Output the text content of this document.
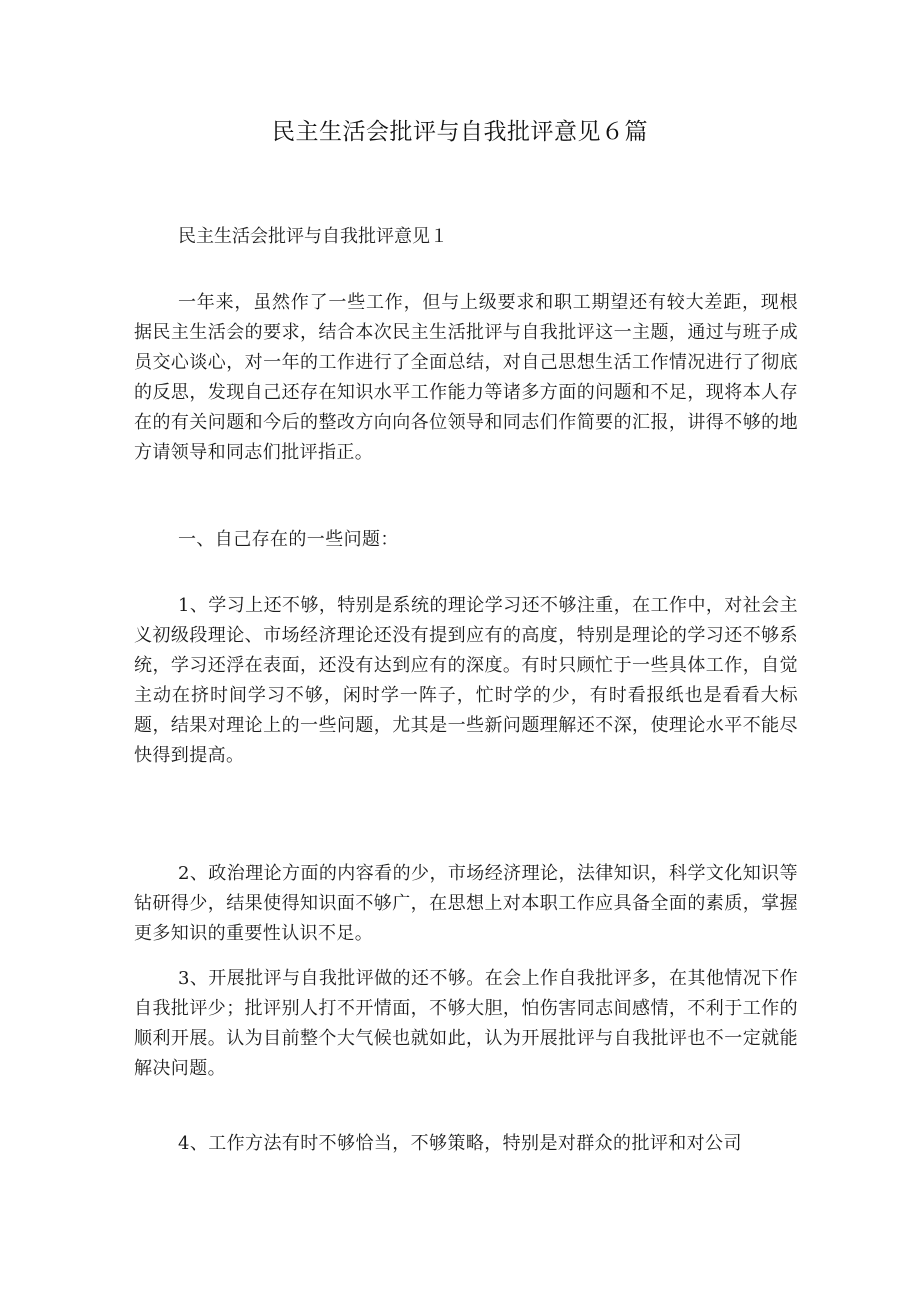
民主生活会批评与自我批评意见６篇

民主生活会批评与自我批评意见１

一年来，虽然作了一些工作，但与上级要求和职工期望还有较大差距，现根据民主生活会的要求，结合本次民主生活批评与自我批评这一主题，通过与班子成员交心谈心，对一年的工作进行了全面总结，对自己思想生活工作情况进行了彻底的反思，发现自己还存在知识水平工作能力等诸多方面的问题和不足，现将本人存在的有关问题和今后的整改方向向各位领导和同志们作简要的汇报，讲得不够的地方请领导和同志们批评指正。

一、自己存在的一些问题：

1、学习上还不够，特别是系统的理论学习还不够注重，在工作中，对社会主义初级段理论、市场经济理论还没有提到应有的高度，特别是理论的学习还不够系统，学习还浮在表面，还没有达到应有的深度。有时只顾忙于一些具体工作，自觉主动在挤时间学习不够，闲时学一阵子，忙时学的少，有时看报纸也是看看大标题，结果对理论上的一些问题，尤其是一些新问题理解还不深，使理论水平不能尽快得到提高。

2、政治理论方面的内容看的少，市场经济理论，法律知识，科学文化知识等钻研得少，结果使得知识面不够广，在思想上对本职工作应具备全面的素质，掌握更多知识的重要性认识不足。

3、开展批评与自我批评做的还不够。在会上作自我批评多，在其他情况下作自我批评少；批评别人打不开情面，不够大胆，怕伤害同志间感情，不利于工作的顺利开展。认为目前整个大气候也就如此，认为开展批评与自我批评也不一定就能解决问题。

4、工作方法有时不够恰当，不够策略，特别是对群众的批评和对公司
